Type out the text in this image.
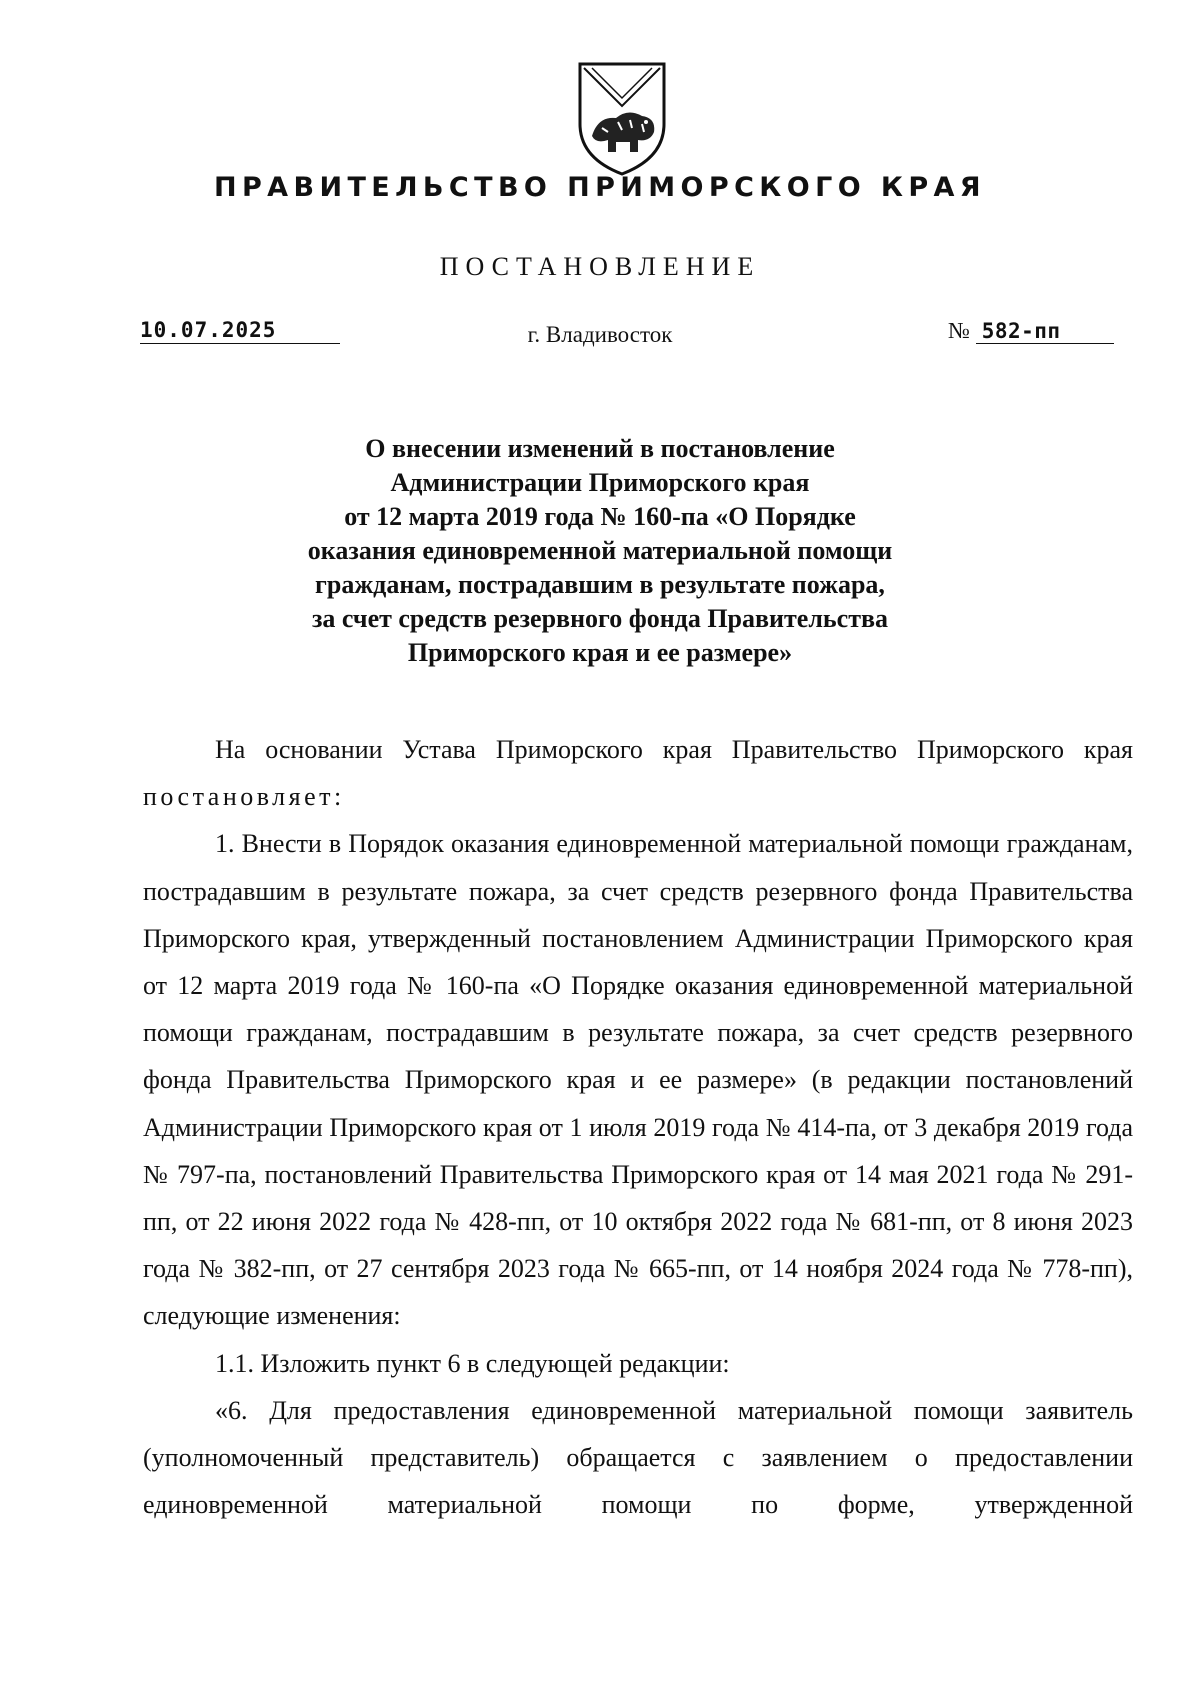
ПРАВИТЕЛЬСТВО ПРИМОРСКОГО КРАЯ
ПОСТАНОВЛЕНИЕ
10.07.2025	г. Владивосток	№ 582-пп
О внесении изменений в постановление
Администрации Приморского края
от 12 марта 2019 года № 160-па «О Порядке
оказания единовременной материальной помощи
гражданам, пострадавшим в результате пожара,
за счет средств резервного фонда Правительства
Приморского края и ее размере»

На основании Устава Приморского края Правительство Приморского края постановляет:

1. Внести в Порядок оказания единовременной материальной помощи гражданам, пострадавшим в результате пожара, за счет средств резервного фонда Правительства Приморского края, утвержденный постановлением Администрации Приморского края от 12 марта 2019 года № 160-па «О Порядке оказания единовременной материальной помощи гражданам, пострадавшим в результате пожара, за счет средств резервного фонда Правительства Приморского края и ее размере» (в редакции постановлений Администрации Приморского края от 1 июля 2019 года № 414-па, от 3 декабря 2019 года № 797-па, постановлений Правительства Приморского края от 14 мая 2021 года № 291-пп, от 22 июня 2022 года № 428-пп, от 10 октября 2022 года № 681-пп, от 8 июня 2023 года № 382-пп, от 27 сентября 2023 года № 665-пп, от 14 ноября 2024 года № 778-пп), следующие изменения:

1.1. Изложить пункт 6 в следующей редакции:

«6. Для предоставления единовременной материальной помощи заявитель (уполномоченный представитель) обращается с заявлением о предоставлении единовременной материальной помощи по форме, утвержденной
